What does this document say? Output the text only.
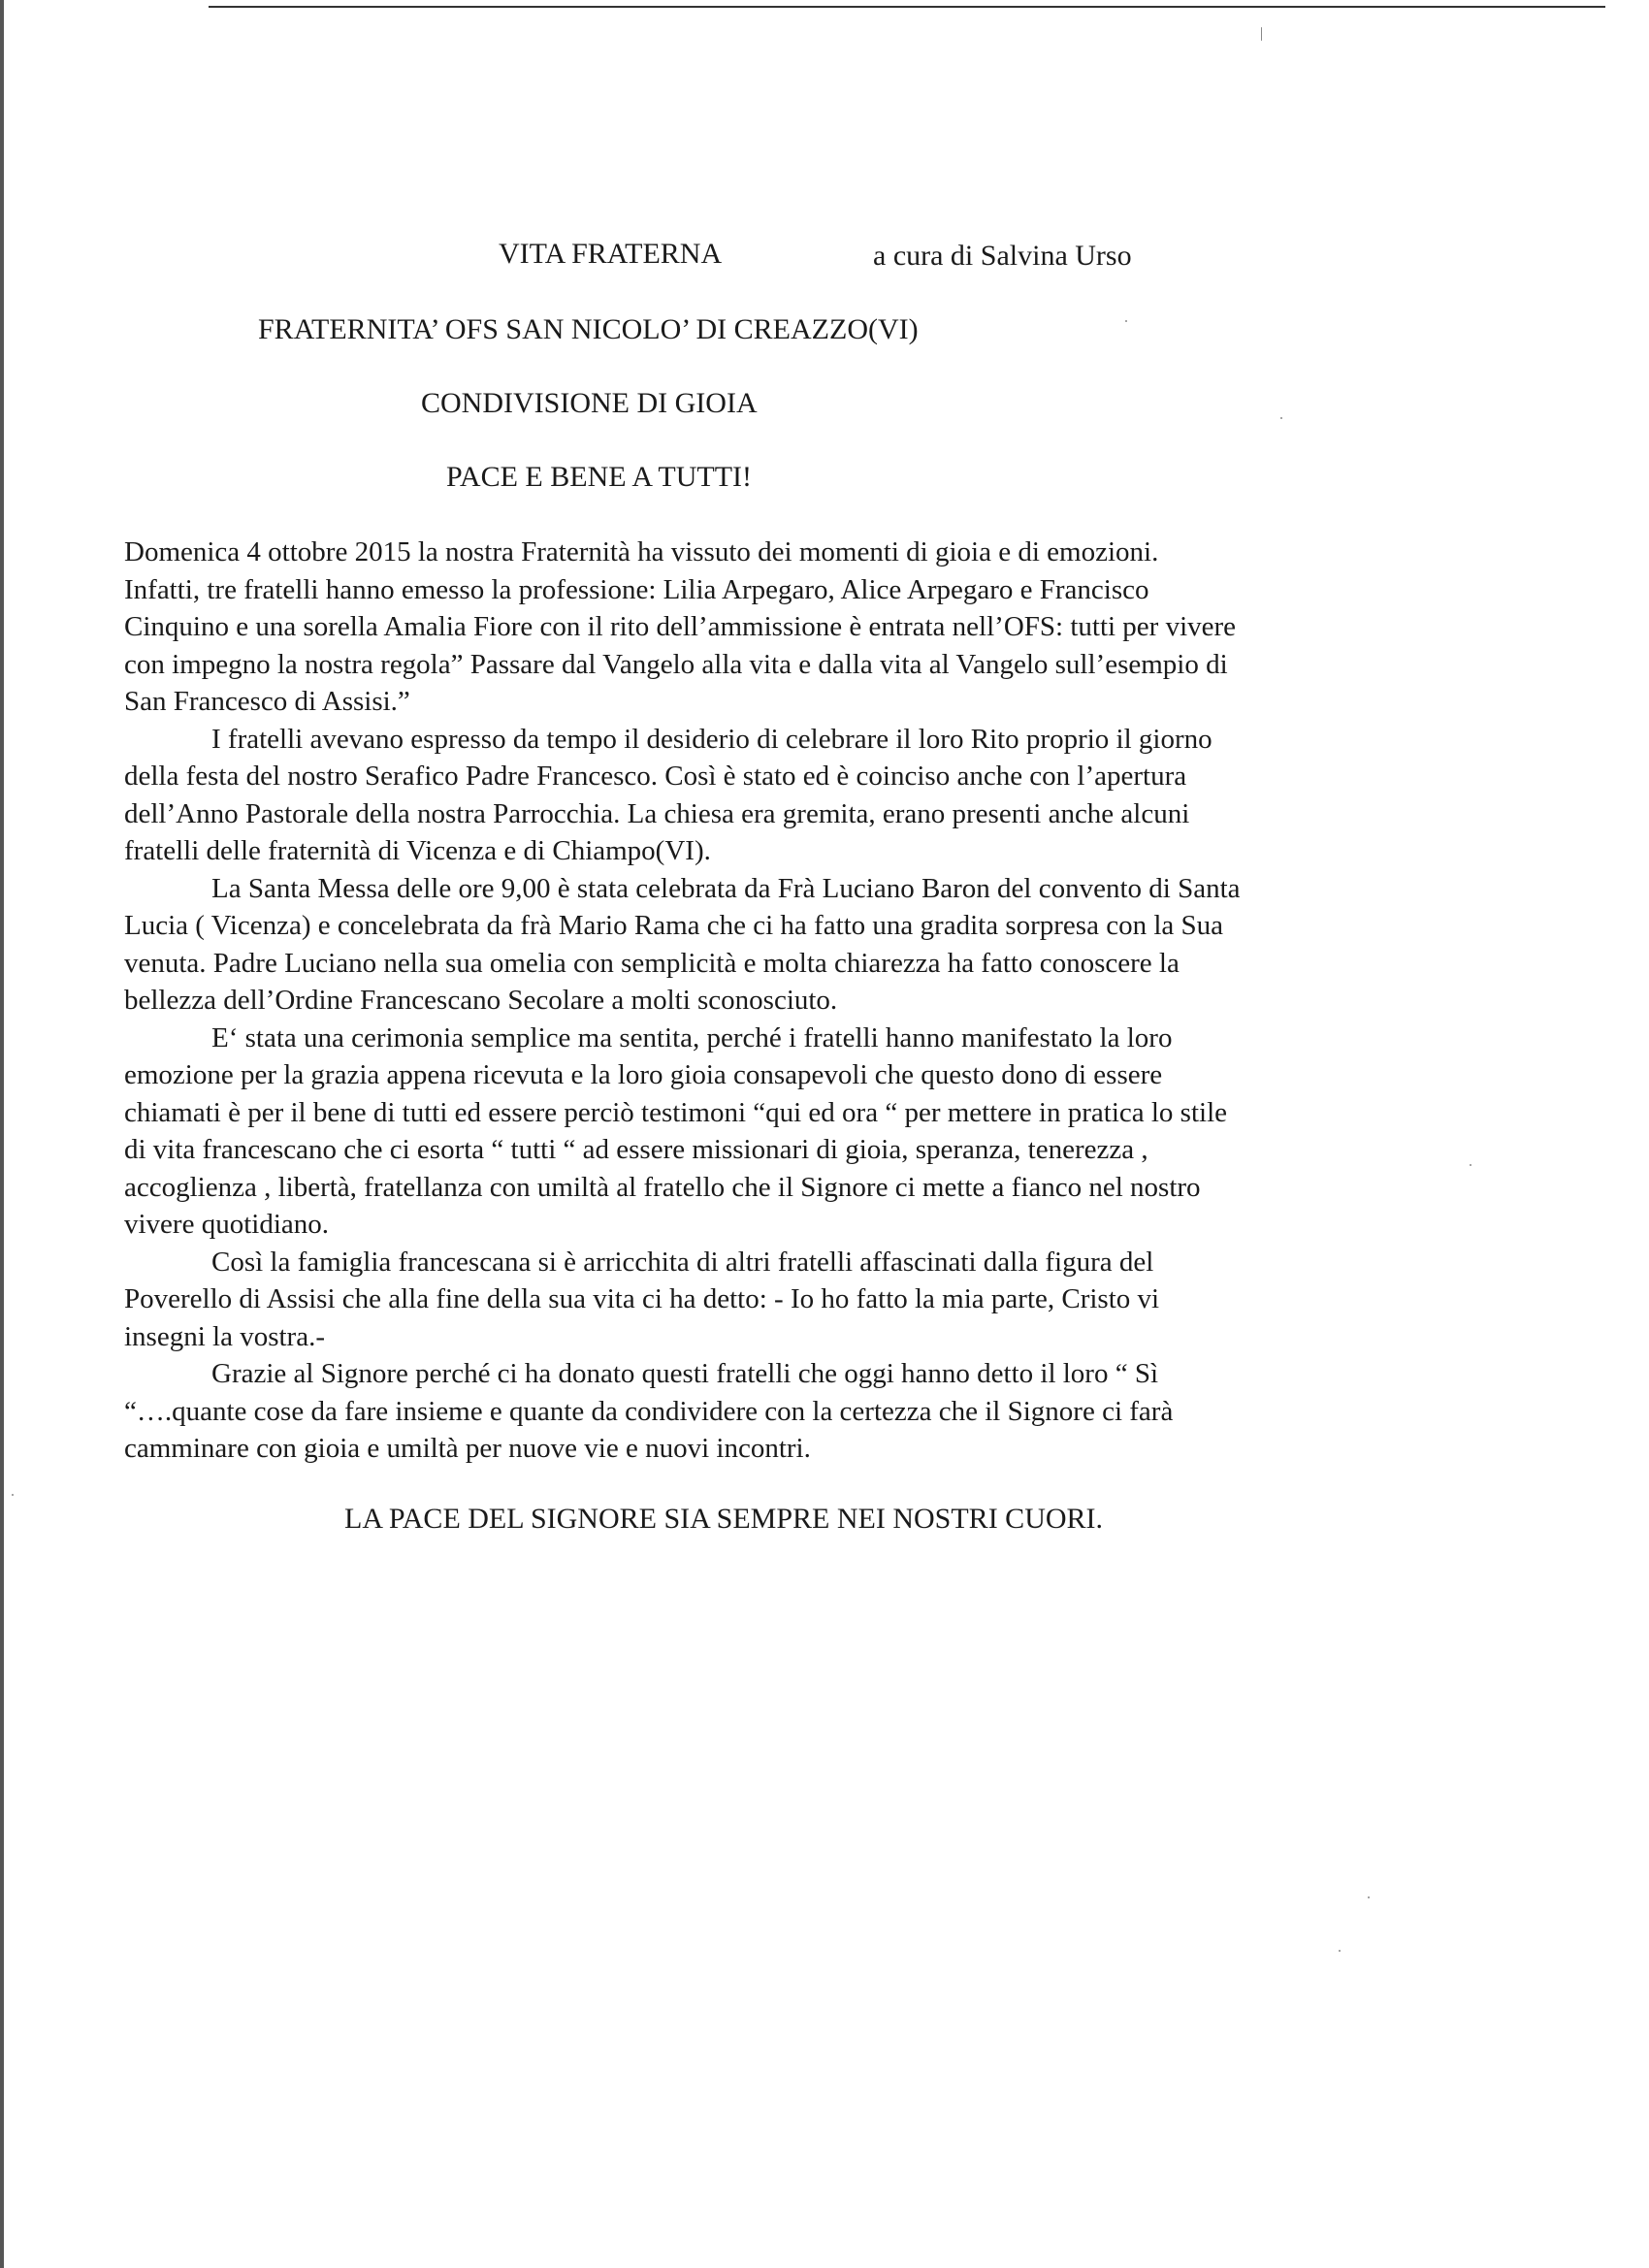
VITA FRATERNA	a cura di Salvina Urso
FRATERNITA’ OFS SAN NICOLO’ DI CREAZZO(VI)
CONDIVISIONE DI GIOIA
PACE E BENE A TUTTI!
Domenica 4 ottobre 2015 la nostra Fraternità ha vissuto dei momenti di gioia e di emozioni.
Infatti, tre fratelli hanno emesso la professione: Lilia Arpegaro, Alice Arpegaro e Francisco
Cinquino e una sorella Amalia Fiore con il rito dell’ammissione è entrata nell’OFS: tutti per vivere
con impegno la nostra regola” Passare dal Vangelo alla vita e dalla vita al Vangelo sull’esempio di
San Francesco di Assisi.”
I fratelli avevano espresso da tempo il desiderio di celebrare il loro Rito proprio il giorno
della festa del nostro Serafico Padre Francesco. Così è stato ed è coinciso anche con l’apertura
dell’Anno Pastorale della nostra Parrocchia. La chiesa era gremita, erano presenti anche alcuni
fratelli delle fraternità di Vicenza e di Chiampo(VI).
La Santa Messa delle ore 9,00 è stata celebrata da Frà Luciano Baron del convento di Santa
Lucia ( Vicenza) e concelebrata da frà Mario Rama che ci ha fatto una gradita sorpresa con la Sua
venuta. Padre Luciano nella sua omelia con semplicità e molta chiarezza ha fatto conoscere la
bellezza dell’Ordine Francescano Secolare a molti sconosciuto.
E‘ stata una cerimonia semplice ma sentita, perché i fratelli hanno manifestato la loro
emozione per la grazia appena ricevuta e la loro gioia consapevoli che questo dono di essere
chiamati è per il bene di tutti ed essere perciò testimoni “qui ed ora “ per mettere in pratica lo stile
di vita francescano che ci esorta “ tutti “ ad essere missionari di gioia, speranza, tenerezza ,
accoglienza , libertà, fratellanza con umiltà al fratello che il Signore ci mette a fianco nel nostro
vivere quotidiano.
Così la famiglia francescana si è arricchita di altri fratelli affascinati dalla figura del
Poverello di Assisi che alla fine della sua vita ci ha detto: - Io ho fatto la mia parte, Cristo vi
insegni la vostra.-
Grazie al Signore perché ci ha donato questi fratelli che oggi hanno detto il loro “ Sì
“….quante cose da fare insieme e quante da condividere con la certezza che il Signore ci farà
camminare con gioia e umiltà per nuove vie e nuovi incontri.
LA PACE DEL SIGNORE SIA SEMPRE NEI NOSTRI CUORI.
